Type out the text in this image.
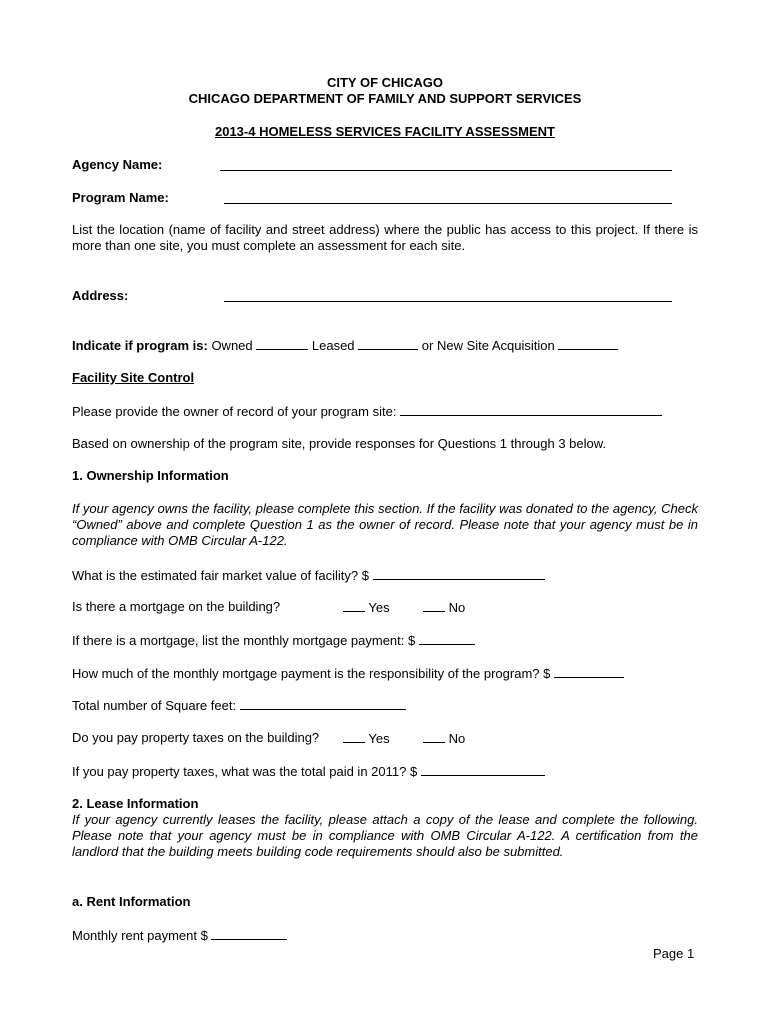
CITY OF CHICAGO
CHICAGO DEPARTMENT OF FAMILY AND SUPPORT SERVICES
2013-4 HOMELESS SERVICES FACILITY ASSESSMENT
Agency Name:
Program Name:
List the location (name of facility and street address) where the public has access to this project. If there is more than one site, you must complete an assessment for each site.
Address:
Indicate if program is: Owned	Leased	or New Site Acquisition
Facility Site Control
Please provide the owner of record of your program site:
Based on ownership of the program site, provide responses for Questions 1 through 3 below.
1. Ownership Information
If your agency owns the facility, please complete this section. If the facility was donated to the agency, Check “Owned” above and complete Question 1 as the owner of record. Please note that your agency must be in compliance with OMB Circular A-122.
What is the estimated fair market value of facility? $
Is there a mortgage on the building?	Yes	No
If there is a mortgage, list the monthly mortgage payment: $
How much of the monthly mortgage payment is the responsibility of the program? $
Total number of Square feet:
Do you pay property taxes on the building?	Yes	No
If you pay property taxes, what was the total paid in 2011? $
2. Lease Information
If your agency currently leases the facility, please attach a copy of the lease and complete the following. Please note that your agency must be in compliance with OMB Circular A-122. A certification from the landlord that the building meets building code requirements should also be submitted.
a. Rent Information
Monthly rent payment $
Page 1
